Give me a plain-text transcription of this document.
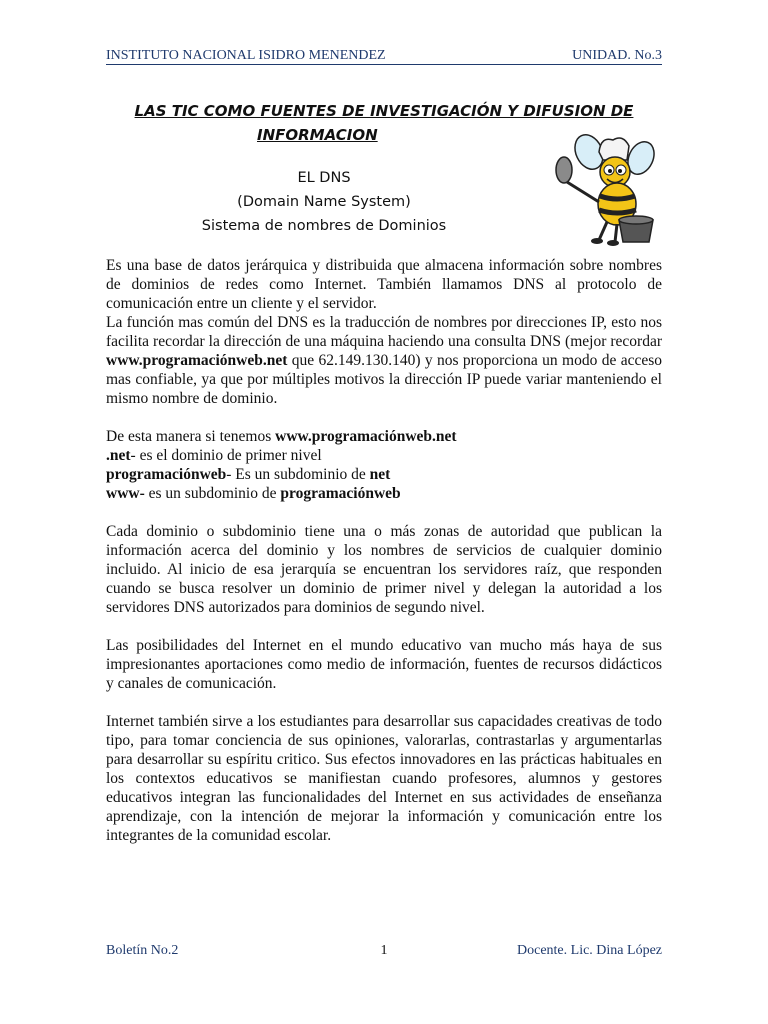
INSTITUTO NACIONAL ISIDRO MENENDEZ	UNIDAD. No.3
LAS TIC COMO FUENTES DE INVESTIGACIÓN Y DIFUSION DE
INFORMACION
EL DNS
(Domain Name System)
Sistema de nombres de Dominios

Es una base de datos jerárquica y distribuida que almacena información sobre nombres de dominios de redes como Internet. También llamamos DNS al protocolo de comunicación entre un cliente y el servidor.

La función mas común del DNS es la traducción de nombres por direcciones IP, esto nos facilita recordar la dirección de una máquina haciendo una consulta DNS (mejor recordar www.programaciónweb.net que 62.149.130.140) y nos proporciona un modo de acceso mas confiable, ya que por múltiples motivos la dirección IP puede variar manteniendo el mismo nombre de dominio.

De esta manera si tenemos www.programaciónweb.net

.net- es el dominio de primer nivel

programaciónweb- Es un subdominio de net

www- es un subdominio de programaciónweb

Cada dominio o subdominio tiene una o más zonas de autoridad que publican la información acerca del dominio y los nombres de servicios de cualquier dominio incluido. Al inicio de esa jerarquía se encuentran los servidores raíz, que responden cuando se busca resolver un dominio de primer nivel y delegan la autoridad a los servidores DNS autorizados para dominios de segundo nivel.

Las posibilidades del Internet en el mundo educativo van mucho más haya de sus impresionantes aportaciones como medio de información, fuentes de recursos didácticos y canales de comunicación.

Internet también sirve a los estudiantes para desarrollar sus capacidades creativas de todo tipo, para tomar conciencia de sus opiniones, valorarlas, contrastarlas y argumentarlas para desarrollar su espíritu critico. Sus efectos innovadores en las prácticas habituales en los contextos educativos se manifiestan cuando profesores, alumnos y gestores educativos integran las funcionalidades del Internet en sus actividades de enseñanza aprendizaje, con la intención de mejorar la información y comunicación entre los integrantes de la comunidad escolar.

Boletín No.2	1	Docente. Lic. Dina López
